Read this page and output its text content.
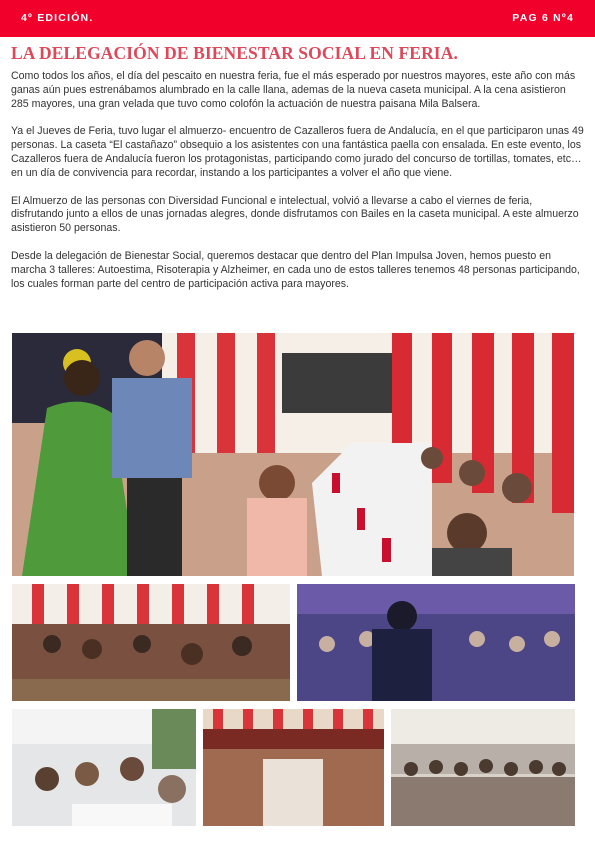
4º EDICIÓN.	PAG 6 Nº4
LA DELEGACIÓN DE BIENESTAR SOCIAL EN FERIA.

Como todos los años, el día del pescaito en nuestra feria, fue el más esperado por nuestros mayores, este año con más ganas aún pues estrenábamos alumbrado en la calle llana, ademas de la nueva caseta municipal. A la cena asistieron 285 mayores, una gran velada que tuvo como colofón la actuación de nuestra paisana Mila Balsera.

Ya el Jueves de Feria, tuvo lugar el almuerzo- encuentro de Cazalleros fuera de Andalucía, en el que participaron unas 49 personas. La caseta “El castañazo” obsequio a los asistentes con una fantástica paella con ensalada. En este evento, los Cazalleros fuera de Andalucía fueron los protagonistas, participando como jurado del concurso de tortillas, tomates, etc… en un día de convivencia para recordar, instando a los participantes a volver el año que viene.

El Almuerzo de las personas con Diversidad Funcional e intelectual, volvió a llevarse a cabo el viernes de feria, disfrutando junto a ellos de unas jornadas alegres, donde disfrutamos con Bailes en la caseta municipal. A este almuerzo asistieron 50 personas.

Desde la delegación de Bienestar Social, queremos destacar que dentro del Plan Impulsa Joven, hemos puesto en marcha 3 talleres: Autoestima, Risoterapia y Alzheimer, en cada uno de estos talleres tenemos 48 personas participando, los cuales forman parte del centro de participación activa para mayores.
